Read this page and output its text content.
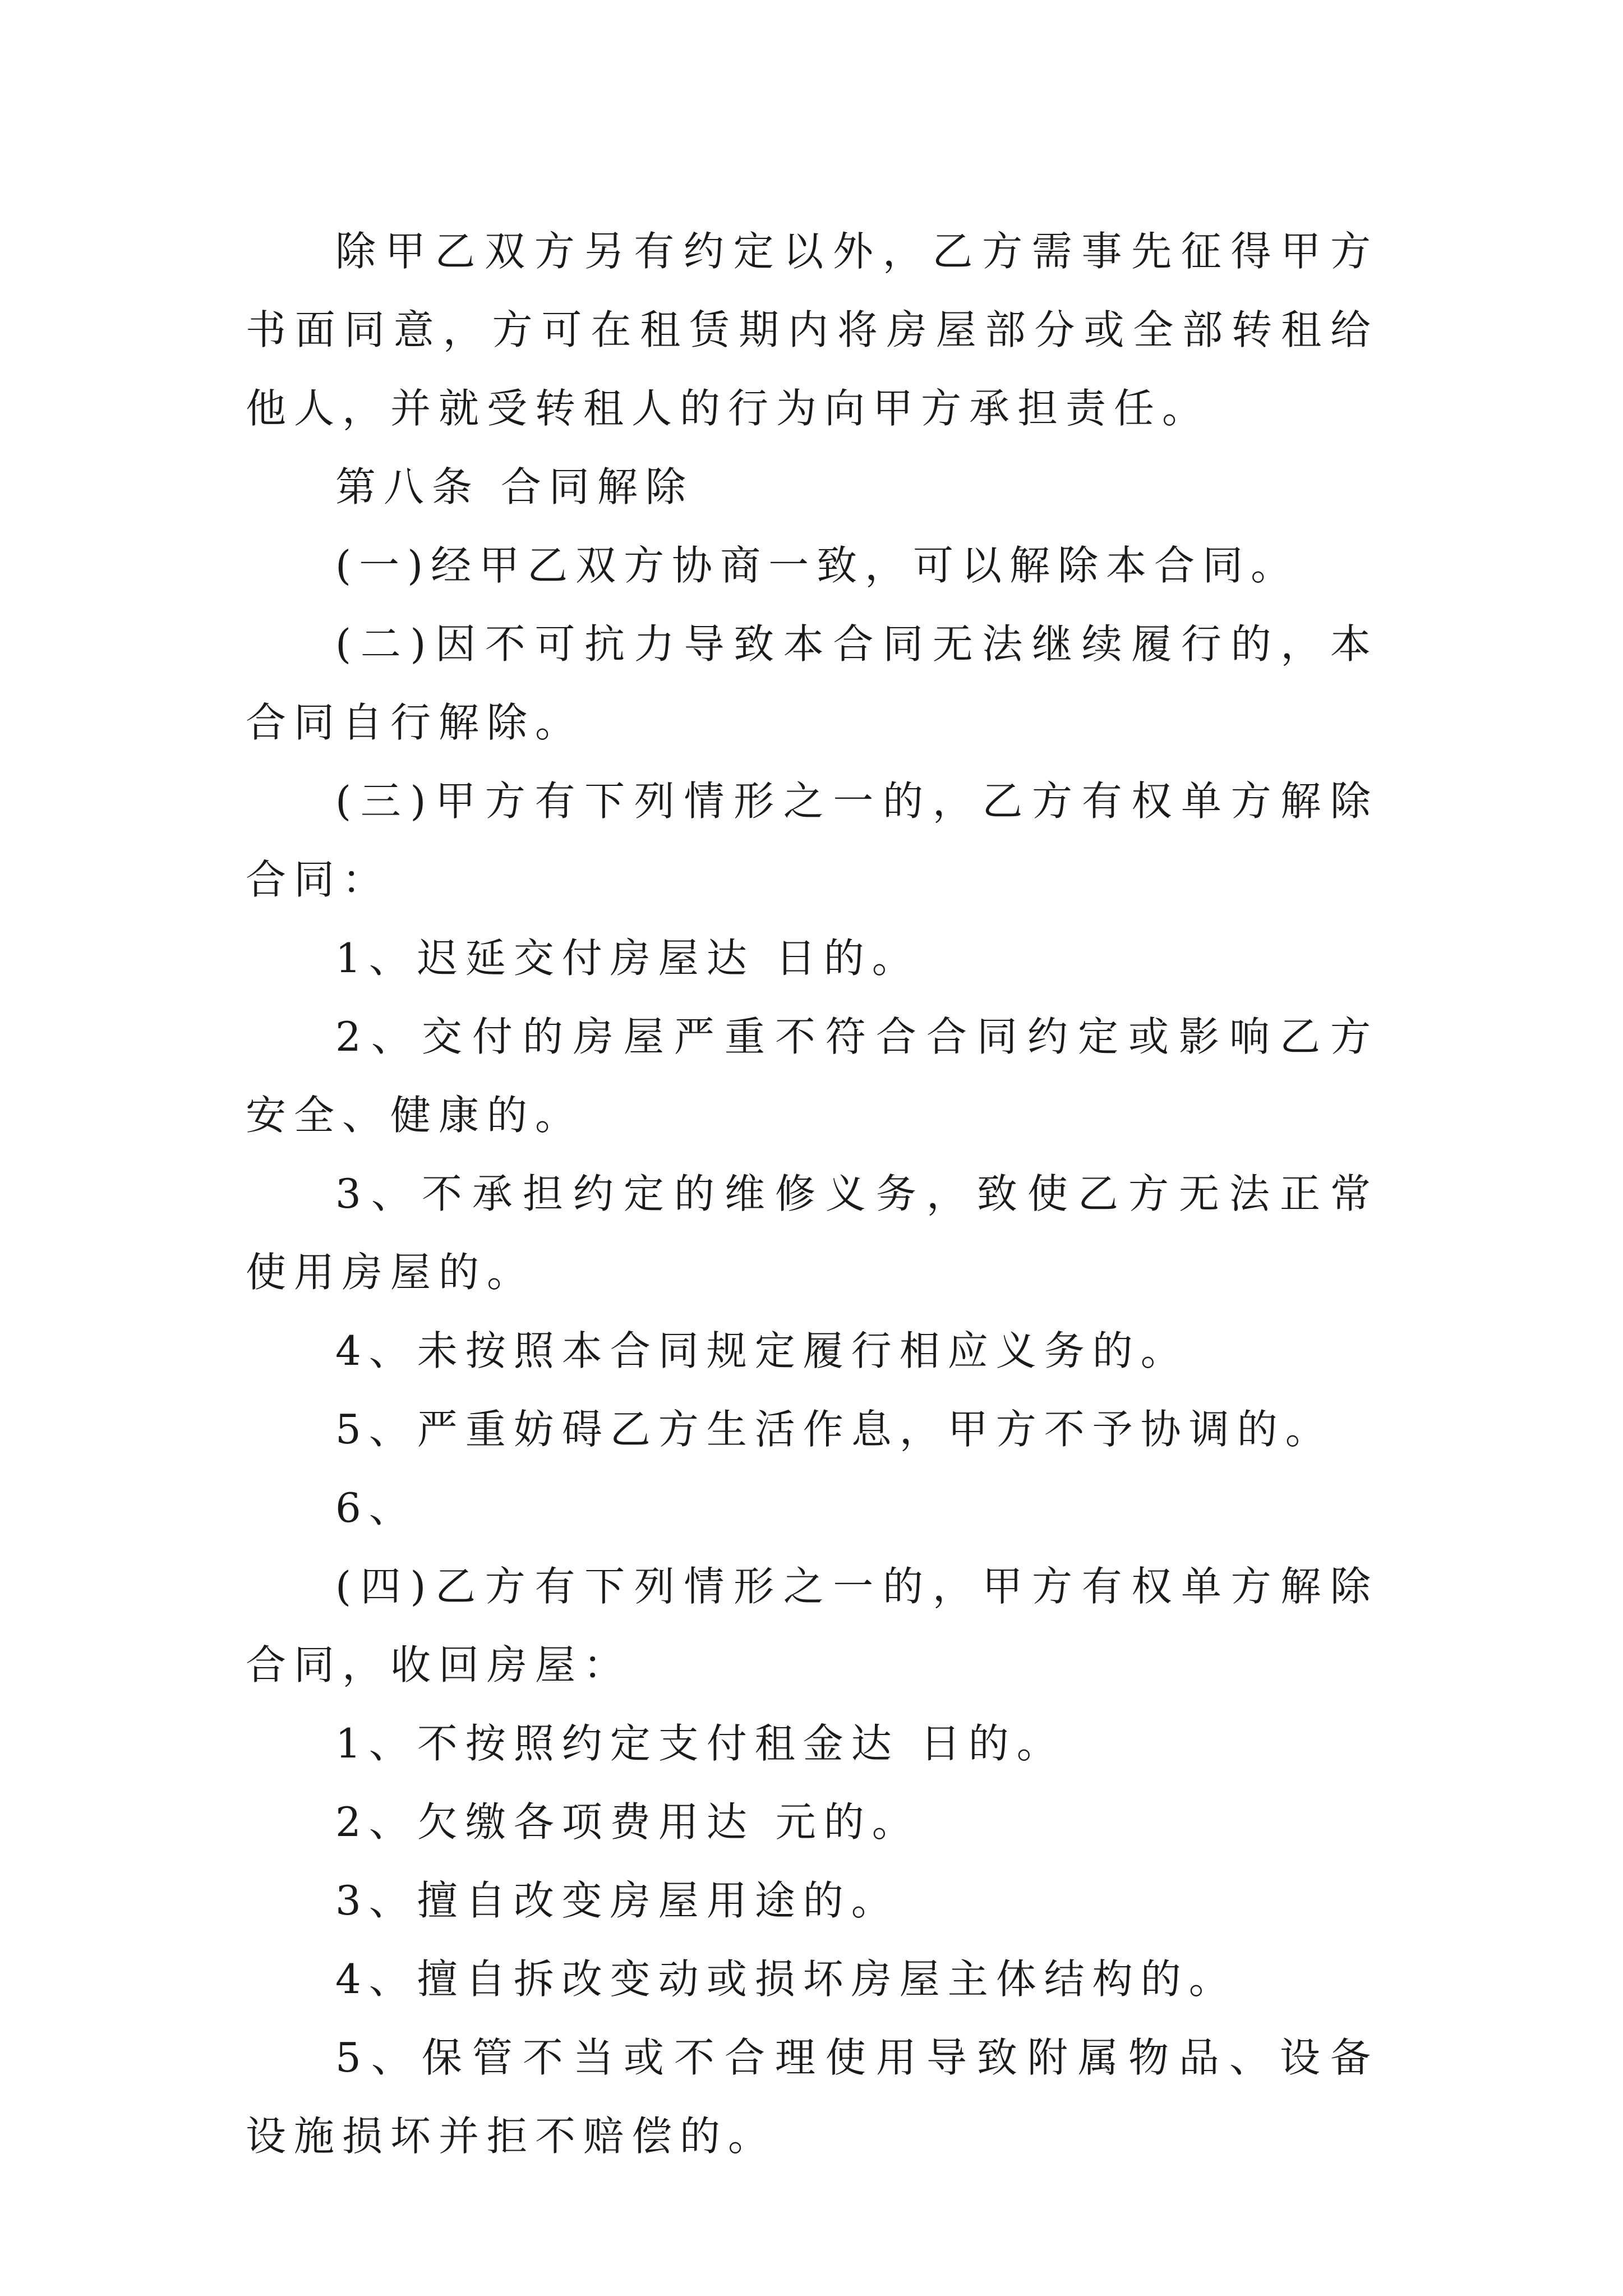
除甲乙双方另有约定以外，乙方需事先征得甲方书面同意，方可在租赁期内将房屋部分或全部转租给他人，并就受转租人的行为向甲方承担责任。

第八条 合同解除

(一)经甲乙双方协商一致，可以解除本合同。

(二)因不可抗力导致本合同无法继续履行的，本合同自行解除。

(三)甲方有下列情形之一的，乙方有权单方解除合同：

1、迟延交付房屋达 日的。

2、交付的房屋严重不符合合同约定或影响乙方安全、健康的。

3、不承担约定的维修义务，致使乙方无法正常使用房屋的。

4、未按照本合同规定履行相应义务的。

5、严重妨碍乙方生活作息，甲方不予协调的。

6、

(四)乙方有下列情形之一的，甲方有权单方解除合同，收回房屋：

1、不按照约定支付租金达 日的。

2、欠缴各项费用达 元的。

3、擅自改变房屋用途的。

4、擅自拆改变动或损坏房屋主体结构的。

5、保管不当或不合理使用导致附属物品、设备设施损坏并拒不赔偿的。
